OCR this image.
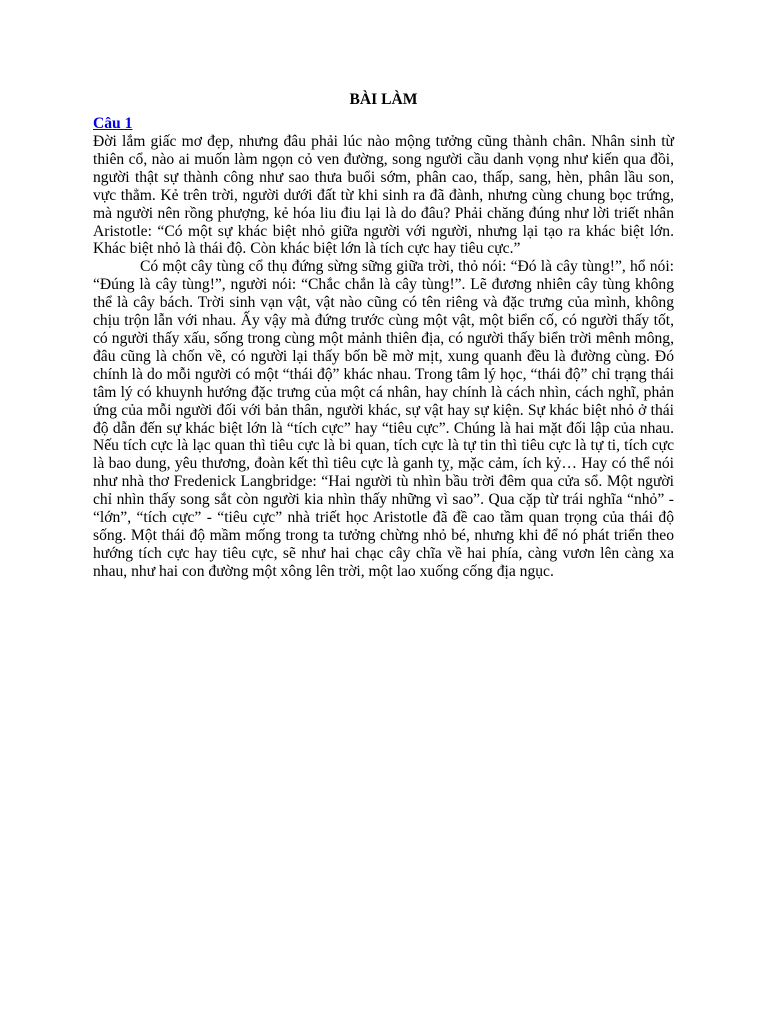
BÀI LÀM
Câu 1

Đời lắm giấc mơ đẹp, nhưng đâu phải lúc nào mộng tưởng cũng thành chân. Nhân sinh từ thiên cổ, nào ai muốn làm ngọn cỏ ven đường, song người cầu danh vọng như kiến qua đồi, người thật sự thành công như sao thưa buổi sớm, phân cao, thấp, sang, hèn, phân lầu son, vực thẳm. Kẻ trên trời, người dưới đất từ khi sinh ra đã đành, nhưng cùng chung bọc trứng, mà người nên rồng phượng, kẻ hóa liu điu lại là do đâu? Phải chăng đúng như lời triết nhân Aristotle: “Có một sự khác biệt nhỏ giữa người với người, nhưng lại tạo ra khác biệt lớn. Khác biệt nhỏ là thái độ. Còn khác biệt lớn là tích cực hay tiêu cực.”

Có một cây tùng cổ thụ đứng sừng sững giữa trời, thỏ nói: “Đó là cây tùng!”, hổ nói: “Đúng là cây tùng!”, người nói: “Chắc chắn là cây tùng!”. Lẽ đương nhiên cây tùng không thể là cây bách. Trời sinh vạn vật, vật nào cũng có tên riêng và đặc trưng của mình, không chịu trộn lẫn với nhau. Ấy vậy mà đứng trước cùng một vật, một biển cố, có người thấy tốt, có người thấy xấu, sống trong cùng một mảnh thiên địa, có người thấy biển trời mênh mông, đâu cũng là chốn về, có người lại thấy bốn bề mờ mịt, xung quanh đều là đường cùng. Đó chính là do mỗi người có một “thái độ” khác nhau. Trong tâm lý học, “thái độ” chỉ trạng thái tâm lý có khuynh hướng đặc trưng của một cá nhân, hay chính là cách nhìn, cách nghĩ, phản ứng của mỗi người đối với bản thân, người khác, sự vật hay sự kiện. Sự khác biệt nhỏ ở thái độ dẫn đến sự khác biệt lớn là “tích cực” hay “tiêu cực”. Chúng là hai mặt đối lập của nhau. Nếu tích cực là lạc quan thì tiêu cực là bi quan, tích cực là tự tin thì tiêu cực là tự ti, tích cực là bao dung, yêu thương, đoàn kết thì tiêu cực là ganh tỵ, mặc cảm, ích kỷ… Hay có thể nói như nhà thơ Fredenick Langbridge: “Hai người tù nhìn bầu trời đêm qua cửa sổ. Một người chỉ nhìn thấy song sắt còn người kia nhìn thấy những vì sao”. Qua cặp từ trái nghĩa “nhỏ” - “lớn”, “tích cực” - “tiêu cực” nhà triết học Aristotle đã đề cao tầm quan trọng của thái độ sống. Một thái độ mầm mống trong ta tưởng chừng nhỏ bé, nhưng khi để nó phát triển theo hướng tích cực hay tiêu cực, sẽ như hai chạc cây chĩa về hai phía, càng vươn lên càng xa nhau, như hai con đường một xông lên trời, một lao xuống cống địa ngục.
